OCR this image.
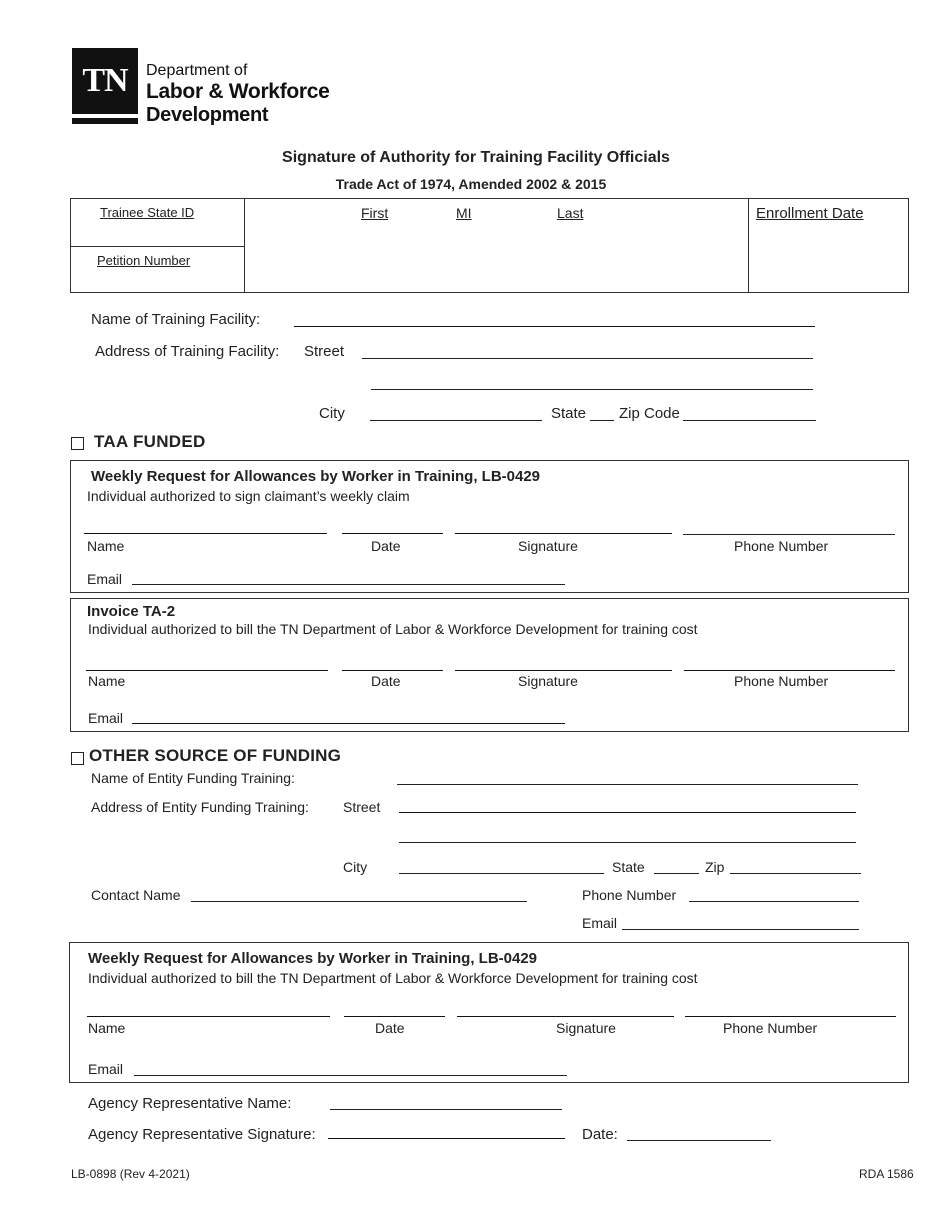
TN	Department of
Labor & Workforce
Development
Signature of Authority for Training Facility Officials
Trade Act of 1974, Amended 2002 & 2015
Trainee State ID
Petition Number
First	MI	Last	Enrollment Date
Name of Training Facility:
Address of Training Facility: Street
City	State Zip Code
TAA FUNDED
Weekly Request for Allowances by Worker in Training, LB-0429
Individual authorized to sign claimant’s weekly claim
Name	Date	Signature	Phone Number
Email
Invoice TA-2
Individual authorized to bill the TN Department of Labor & Workforce Development for training cost
Name	Date	Signature	Phone Number
Email
OTHER SOURCE OF FUNDING
Name of Entity Funding Training:
Address of Entity Funding Training: Street
City	State	Zip
Contact Name	Phone Number
Email
Weekly Request for Allowances by Worker in Training, LB-0429
Individual authorized to bill the TN Department of Labor & Workforce Development for training cost
Name	Date	Signature	Phone Number
Email
Agency Representative Name:
Agency Representative Signature:	Date:
LB-0898 (Rev 4-2021)	RDA 1586
